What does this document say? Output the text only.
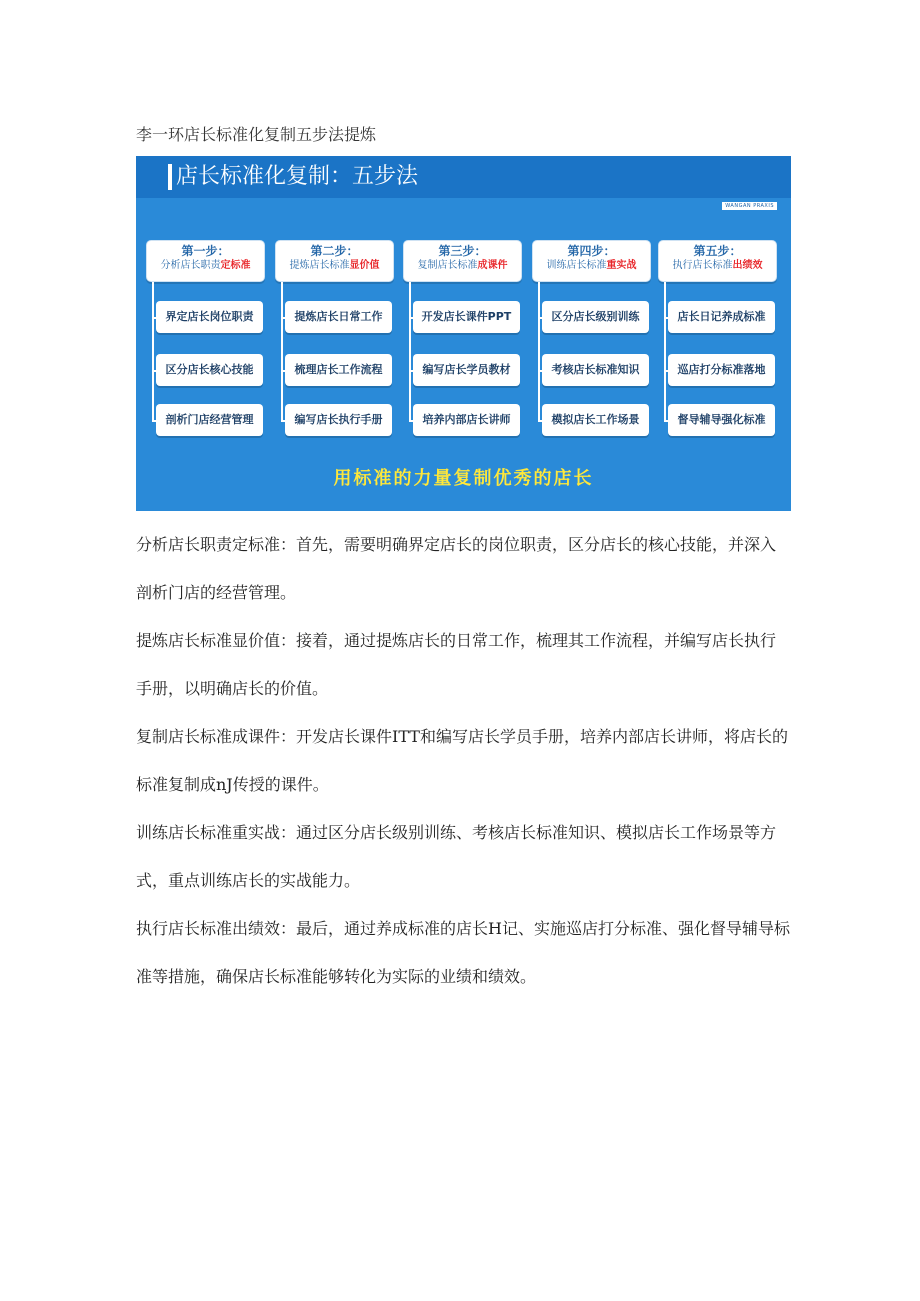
李一环店长标准化复制五步法提炼
店长标准化复制：五步法
WANGAN PRAXIS
第一步：
分析店长职责定标准
界定店长岗位职责
区分店长核心技能
剖析门店经营管理
第二步：
提炼店长标准显价值
提炼店长日常工作
梳理店长工作流程
编写店长执行手册
第三步：
复制店长标准成课件
开发店长课件PPT
编写店长学员教材
培养内部店长讲师
第四步：
训练店长标准重实战
区分店长级别训练
考核店长标准知识
模拟店长工作场景
第五步：
执行店长标准出绩效
店长日记养成标准
巡店打分标准落地
督导辅导强化标准
用标准的力量复制优秀的店长
分析店长职责定标准：首先，需要明确界定店长的岗位职责，区分店长的核心技能，并深入剖析门店的经营管理。
提炼店长标准显价值：接着，通过提炼店长的日常工作，梳理其工作流程，并编写店长执行手册，以明确店长的价值。
复制店长标准成课件：开发店长课件ITT和编写店长学员手册，培养内部店长讲师，将店长的标准复制成nJ传授的课件。
训练店长标准重实战：通过区分店长级别训练、考核店长标准知识、模拟店长工作场景等方式，重点训练店长的实战能力。
执行店长标准出绩效：最后，通过养成标准的店长H记、实施巡店打分标准、强化督导辅导标准等措施，确保店长标准能够转化为实际的业绩和绩效。
